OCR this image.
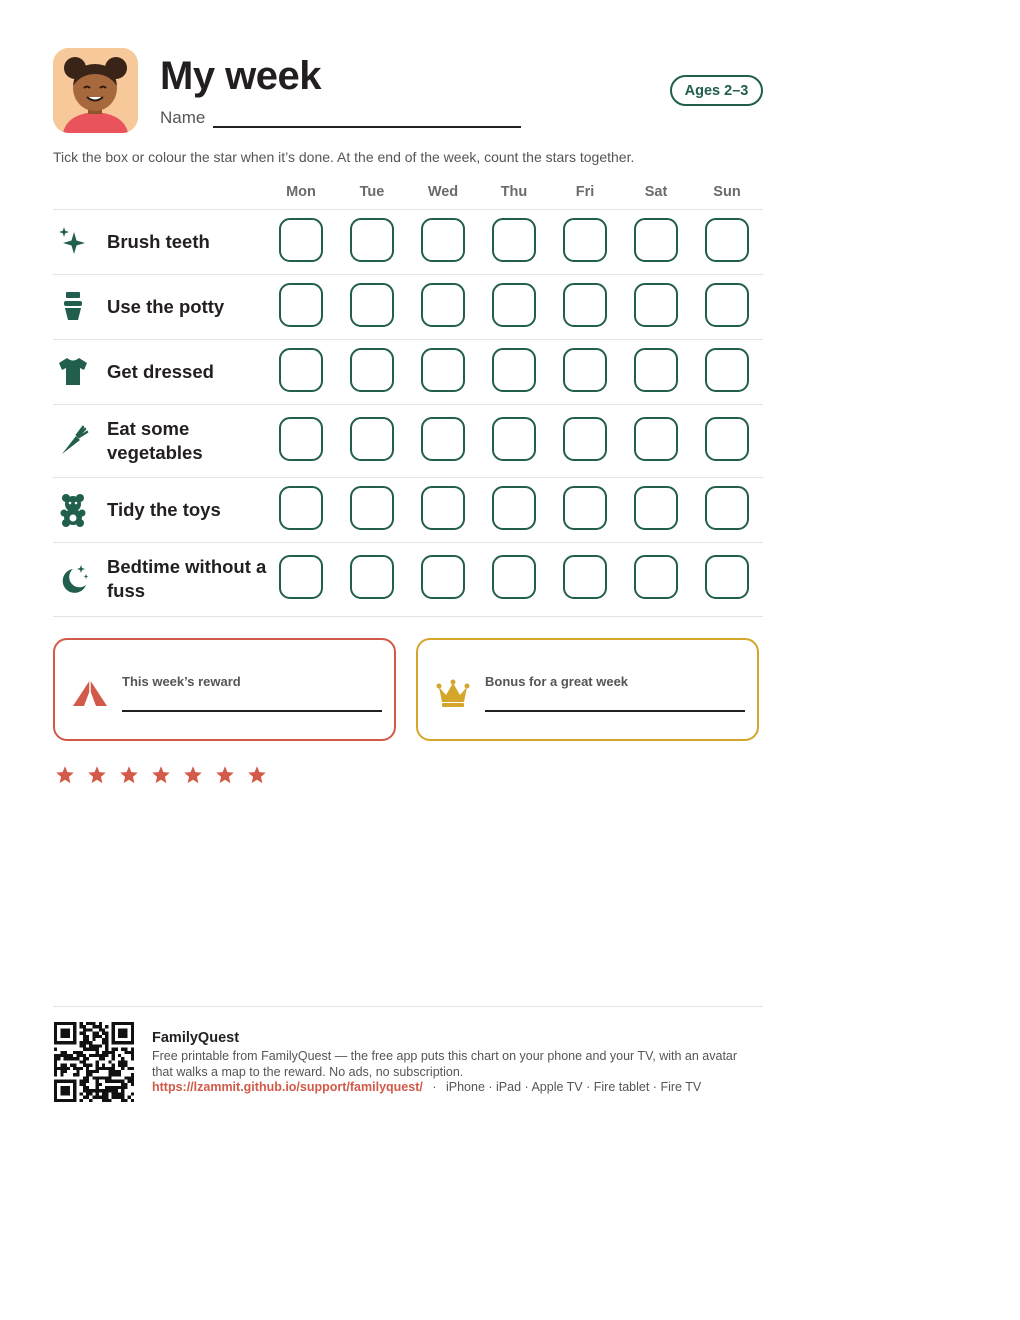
My week
Name
Ages 2–3
Tick the box or colour the star when it’s done. At the end of the week, count the stars together.
Mon	Tue	Wed	Thu	Fri	Sat	Sun
Brush teeth
Use the potty
Get dressed
Eat some vegetables
Tidy the toys
Bedtime without a fuss
This week’s reward	Bonus for a great week
FamilyQuest
Free printable from FamilyQuest — the free app puts this chart on your phone and your TV, with an avatar that walks a map to the reward. No ads, no subscription.
https://lzammit.github.io/support/familyquest/ · iPhone · iPad · Apple TV · Fire tablet · Fire TV
